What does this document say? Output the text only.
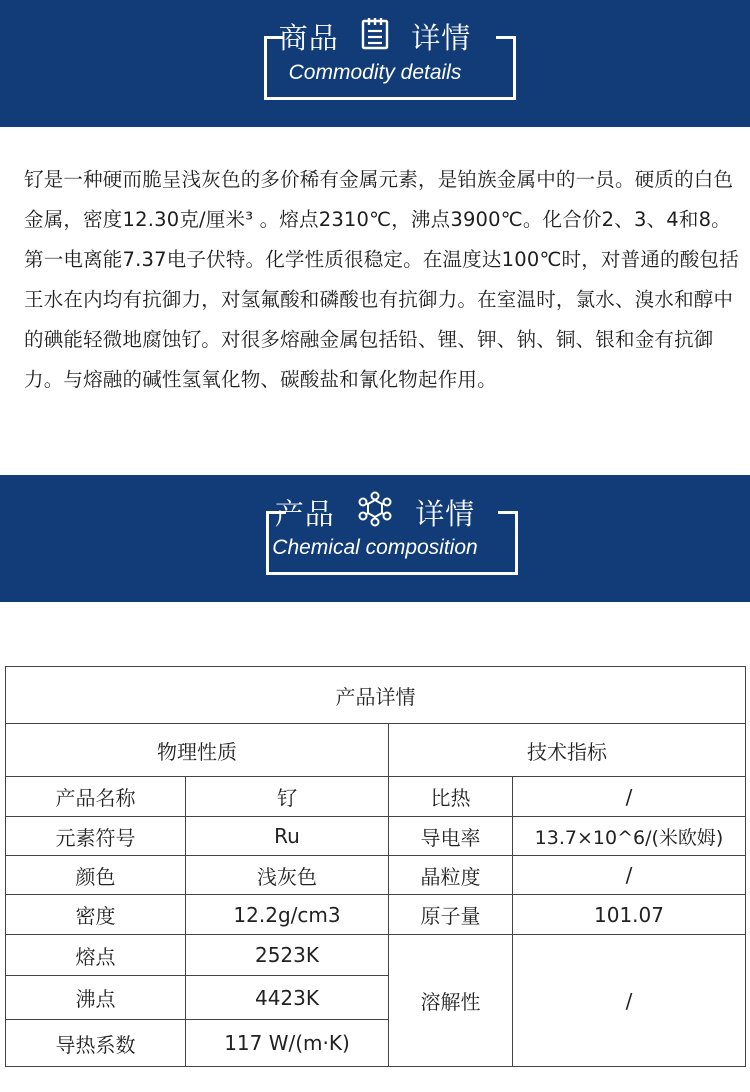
商品 详情
Commodity details
钌是一种硬而脆呈浅灰色的多价稀有金属元素，是铂族金属中的一员。硬质的白色金属，密度12.30克/厘米³ 。熔点2310℃，沸点3900℃。化合价2、3、4和8。第一电离能7.37电子伏特。化学性质很稳定。在温度达100℃时，对普通的酸包括王水在内均有抗御力，对氢氟酸和磷酸也有抗御力。在室温时，氯水、溴水和醇中的碘能轻微地腐蚀钌。对很多熔融金属包括铅、锂、钾、钠、铜、银和金有抗御力。与熔融的碱性氢氧化物、碳酸盐和氰化物起作用。
产品	详情
Chemical composition
产品详情			
物理性质		技术指标	
产品名称	钌	比热	/
元素符号	Ru	导电率	13.7×10^6/(米欧姆)
颜色	浅灰色	晶粒度	/
密度	12.2g/cm3	原子量	101.07
熔点	2523K	溶解性	/
沸点	4423K		
导热系数	117 W/(m·K)		
